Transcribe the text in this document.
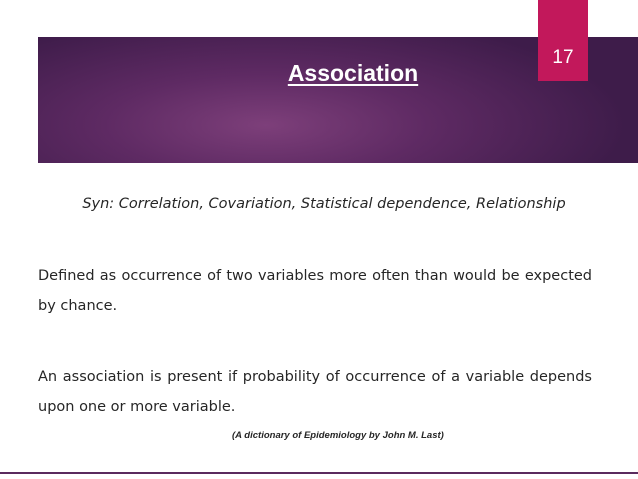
17
Association
Syn: Correlation, Covariation, Statistical dependence, Relationship

Defined as occurrence of two variables more often than would be expected by chance.

An association is present if probability of occurrence of a variable depends upon one or more variable.

(A dictionary of Epidemiology by John M. Last)
